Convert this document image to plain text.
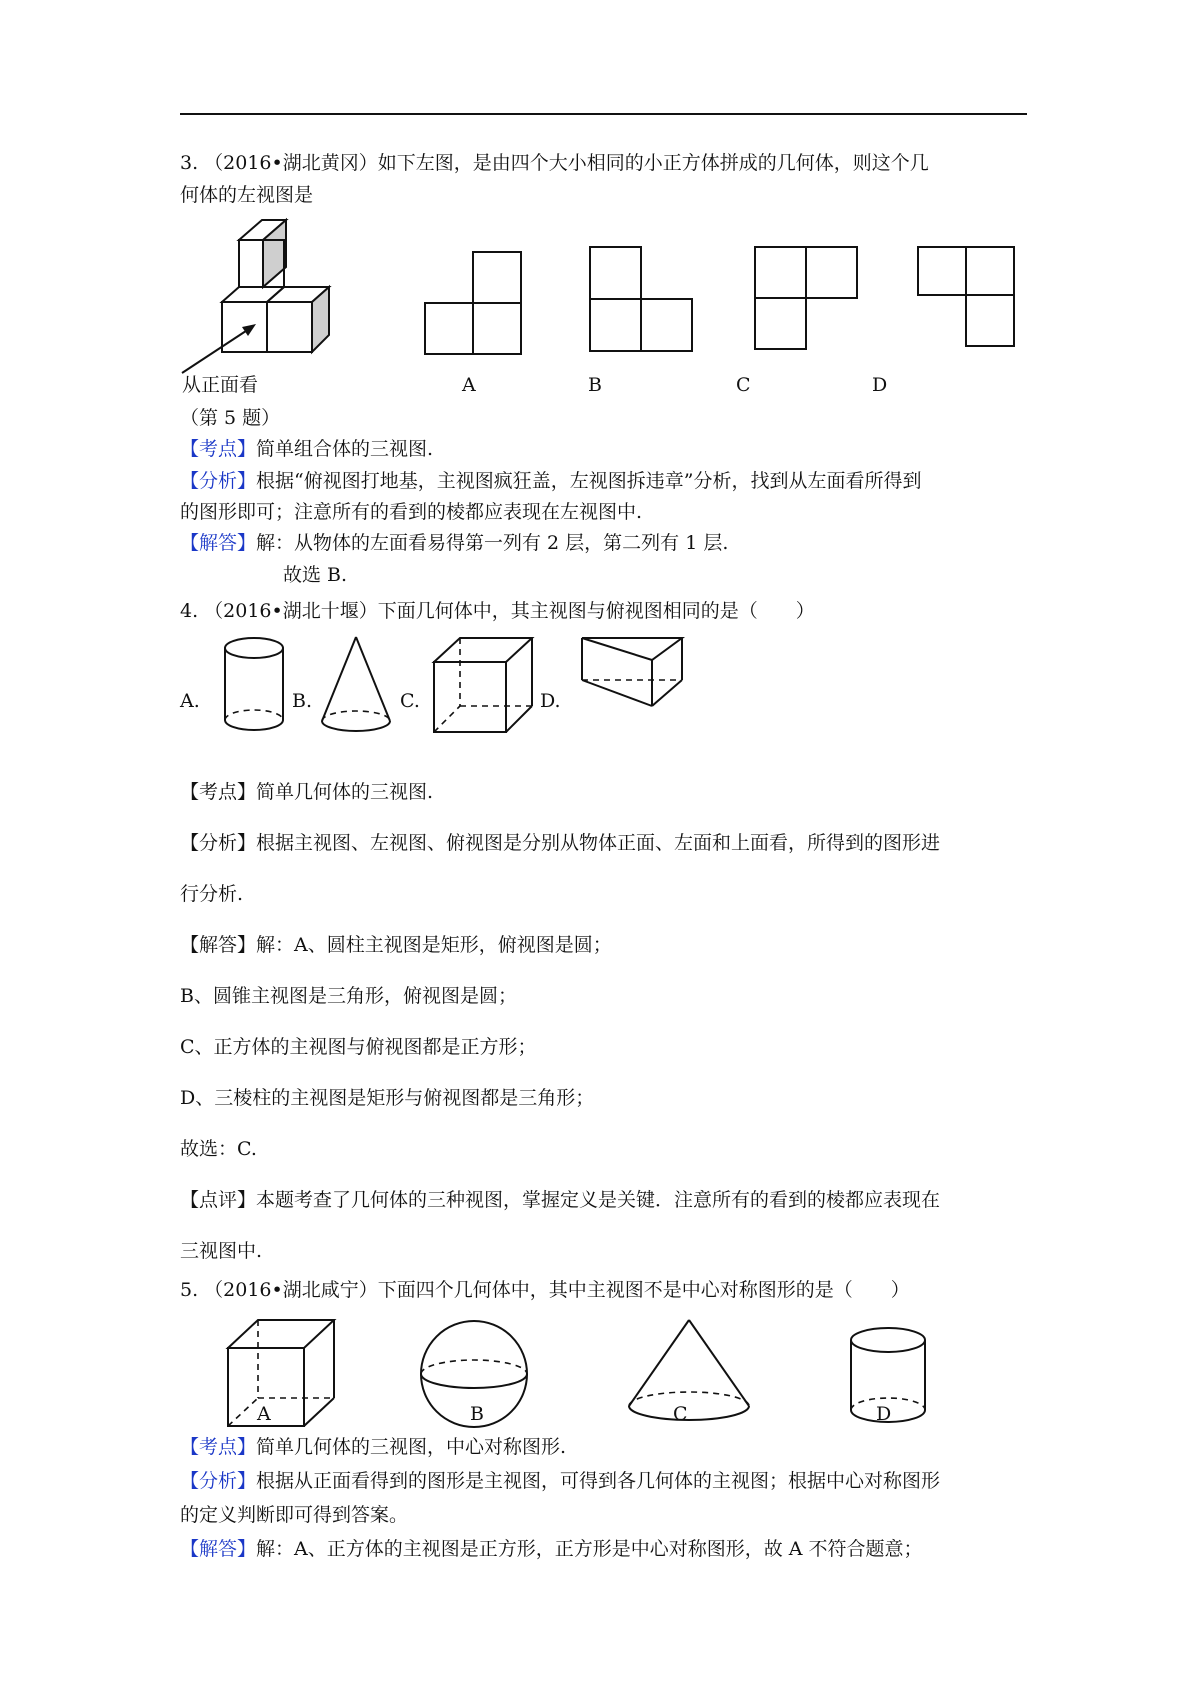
3. （2016•湖北黄冈）如下左图，是由四个大小相同的小正方体拼成的几何体，则这个几
何体的左视图是
从正面看	A	B	C	D
（第 5 题）
【考点】简单组合体的三视图.
【分析】根据“俯视图打地基，主视图疯狂盖，左视图拆违章”分析，找到从左面看所得到
的图形即可；注意所有的看到的棱都应表现在左视图中.
【解答】解：从物体的左面看易得第一列有 2 层，第二列有 1 层.
故选 B.
4. （2016•湖北十堰）下面几何体中，其主视图与俯视图相同的是（　　）
A.	B.	C.	D.
【考点】简单几何体的三视图.
【分析】根据主视图、左视图、俯视图是分别从物体正面、左面和上面看，所得到的图形进
行分析.
【解答】解：A、圆柱主视图是矩形，俯视图是圆；
B、圆锥主视图是三角形，俯视图是圆；
C、正方体的主视图与俯视图都是正方形；
D、三棱柱的主视图是矩形与俯视图都是三角形；
故选：C.
【点评】本题考查了几何体的三种视图，掌握定义是关键．注意所有的看到的棱都应表现在
三视图中.
5. （2016•湖北咸宁）下面四个几何体中，其中主视图不是中心对称图形的是（　　）
A	B	C	D
【考点】简单几何体的三视图，中心对称图形.
【分析】根据从正面看得到的图形是主视图，可得到各几何体的主视图；根据中心对称图形
的定义判断即可得到答案。
【解答】解：A、正方体的主视图是正方形，正方形是中心对称图形，故 A 不符合题意；
